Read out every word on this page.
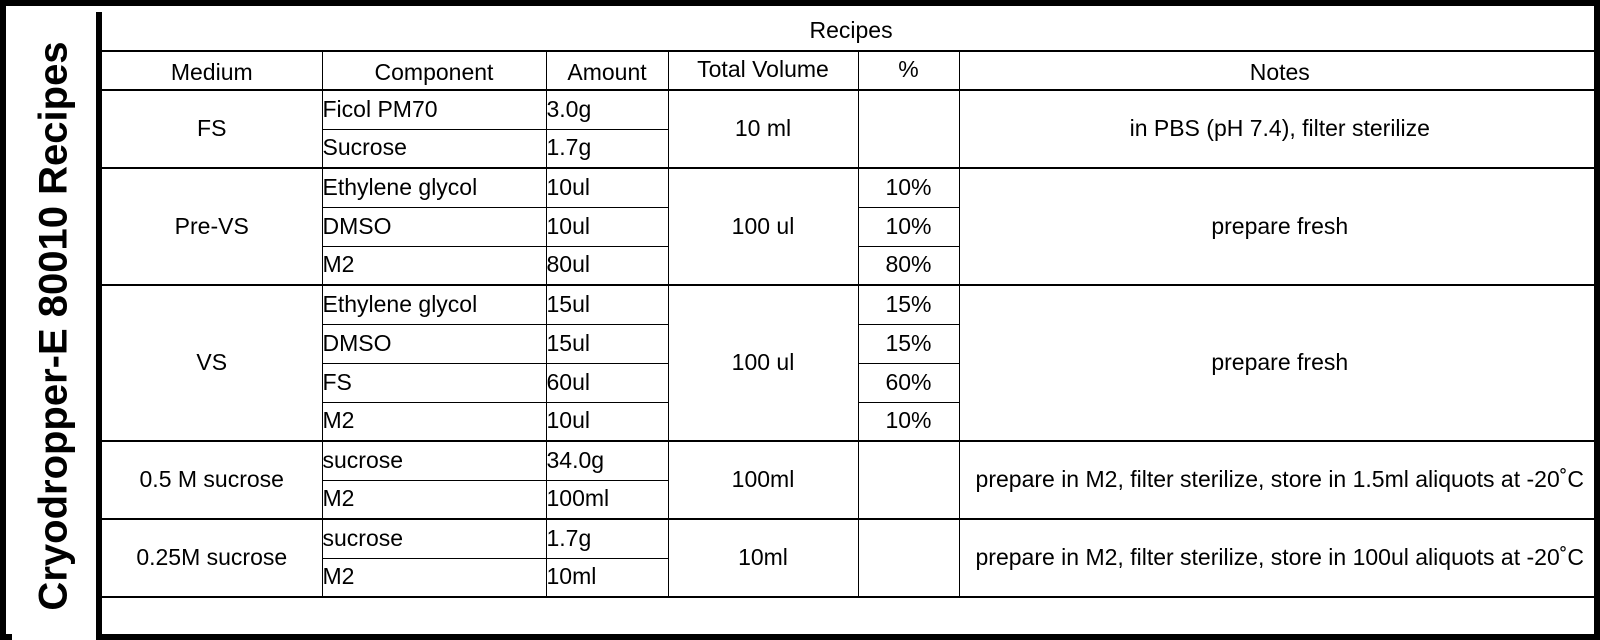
Cryodropper-E 80010 Recipes
Recipes					
Medium	Component	Amount	Total Volume	%	Notes
FS	Ficol PM70	3.0g	10 ml		in PBS (pH 7.4), filter sterilize
	Sucrose	1.7g			
Pre-VS	Ethylene glycol	10ul	100 ul	10%	prepare fresh
	DMSO	10ul		10%	
	M2	80ul		80%	
VS	Ethylene glycol	15ul	100 ul	15%	prepare fresh
	DMSO	15ul		15%	
	FS	60ul		60%	
	M2	10ul		10%	
0.5 M sucrose	sucrose	34.0g	100ml		prepare in M2, filter sterilize, store in 1.5ml aliquots at -20˚C
	M2	100ml			
0.25M sucrose	sucrose	1.7g	10ml		prepare in M2, filter sterilize, store in 100ul aliquots at -20˚C
	M2	10ml			
